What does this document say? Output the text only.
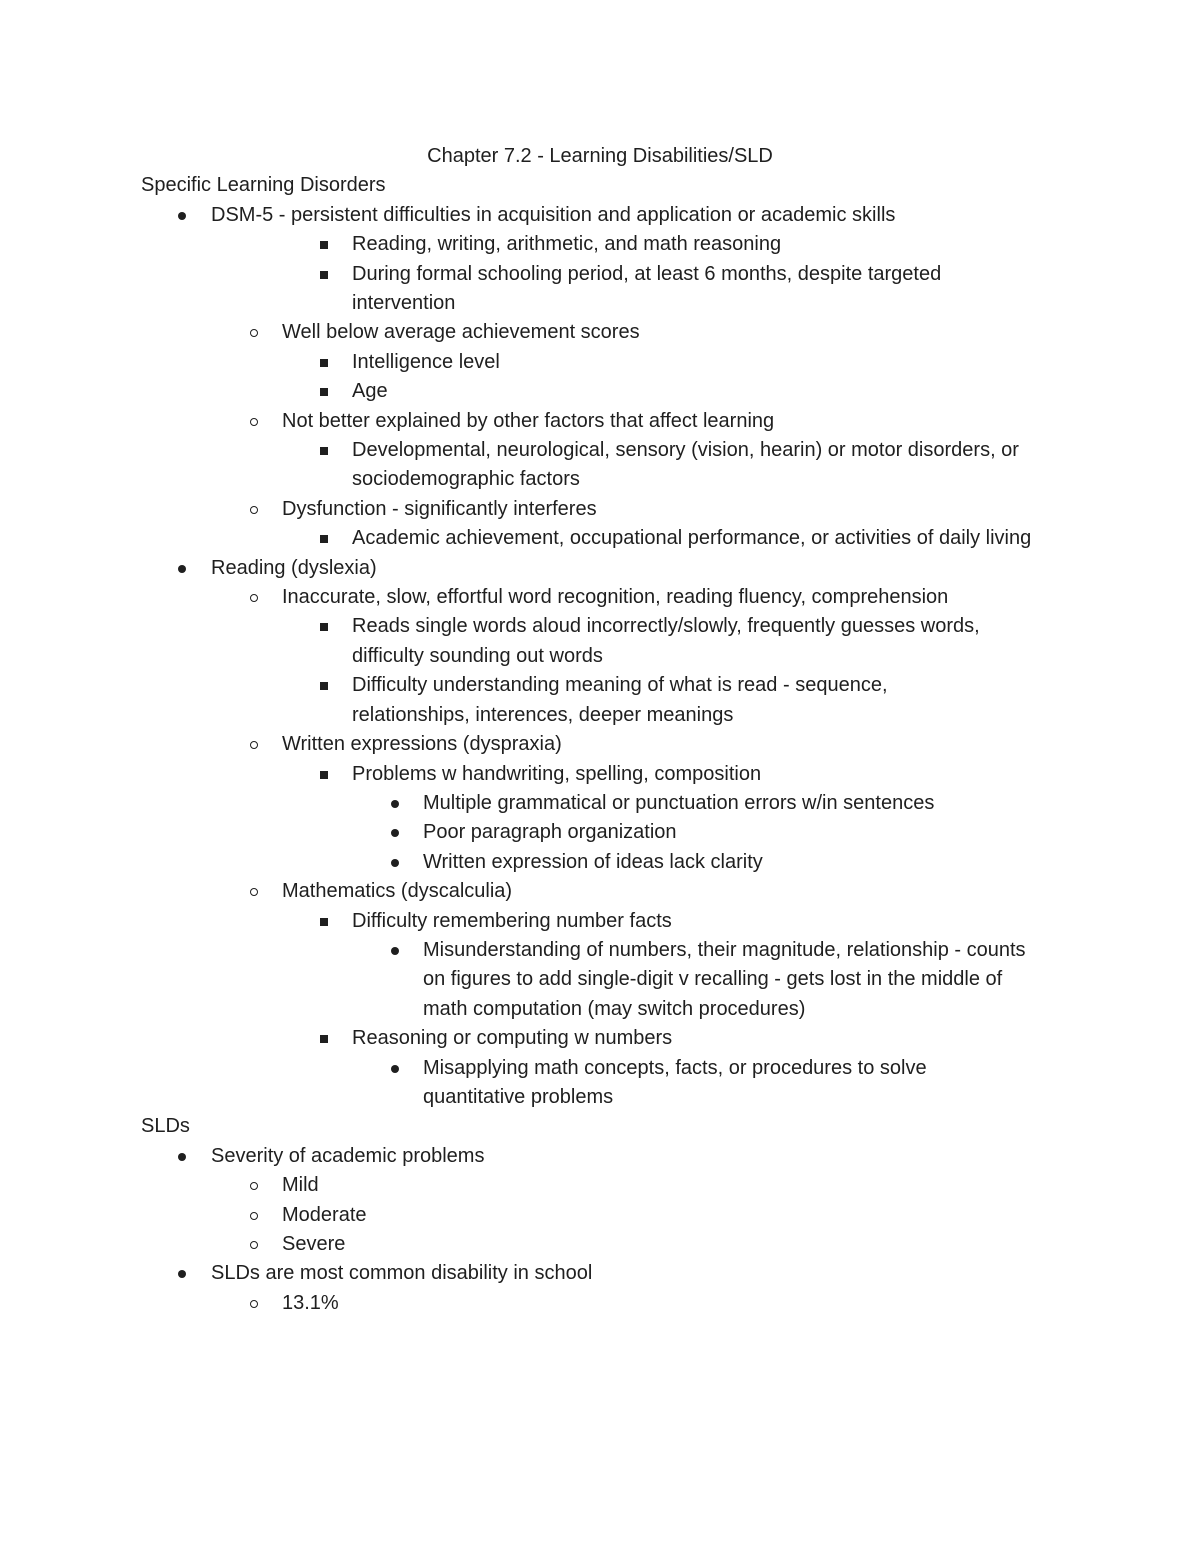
Chapter 7.2 - Learning Disabilities/SLD
Specific Learning Disorders
DSM-5 - persistent difficulties in acquisition and application or academic skills
Reading, writing, arithmetic, and math reasoning
During formal schooling period, at least 6 months, despite targeted intervention
Well below average achievement scores
Intelligence level
Age
Not better explained by other factors that affect learning
Developmental, neurological, sensory (vision, hearin) or motor disorders, or sociodemographic factors
Dysfunction - significantly interferes
Academic achievement, occupational performance, or activities of daily living
Reading (dyslexia)
Inaccurate, slow, effortful word recognition, reading fluency, comprehension
Reads single words aloud incorrectly/slowly, frequently guesses words, difficulty sounding out words
Difficulty understanding meaning of what is read - sequence, relationships, interences, deeper meanings
Written expressions (dyspraxia)
Problems w handwriting, spelling, composition
Multiple grammatical or punctuation errors w/in sentences
Poor paragraph organization
Written expression of ideas lack clarity
Mathematics (dyscalculia)
Difficulty remembering number facts
Misunderstanding of numbers, their magnitude, relationship - counts on figures to add single-digit v recalling - gets lost in the middle of math computation (may switch procedures)
Reasoning or computing w numbers
Misapplying math concepts, facts, or procedures to solve quantitative problems
SLDs
Severity of academic problems
Mild
Moderate
Severe
SLDs are most common disability in school
13.1%
